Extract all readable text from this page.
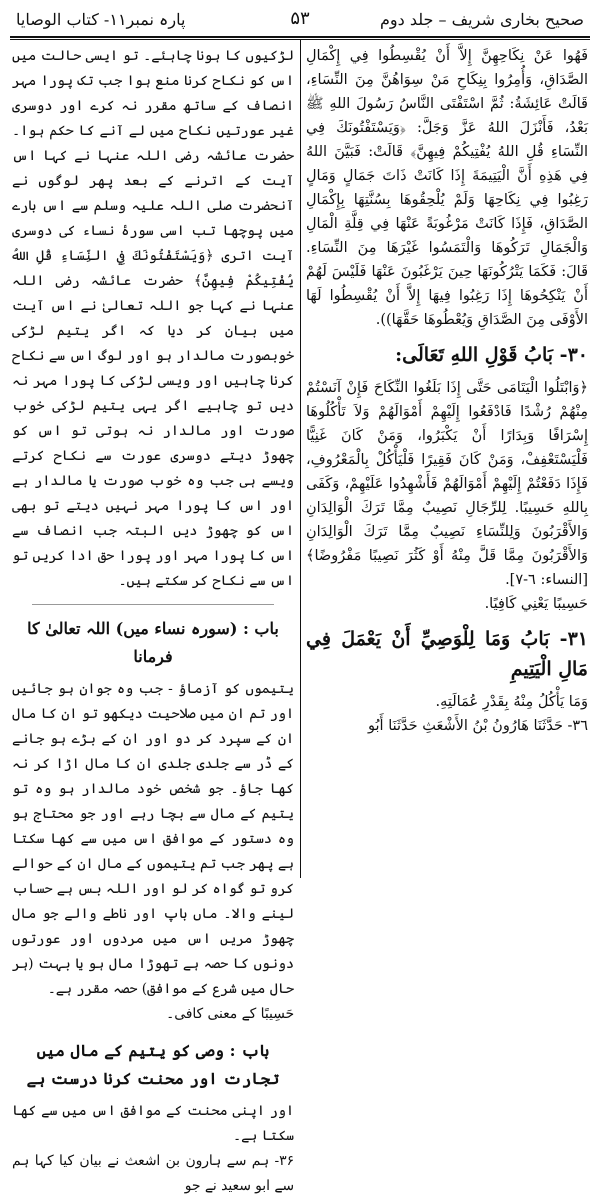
صحیح بخاری شریف – جلد دوم
۵۳
پارہ نمبر۱۱- کتاب الوصایا

فَهُوا عَنْ نِكَاحِهِنَّ إِلاَّ أَنْ يُقْسِطُوا فِي إِكْمَالِ الصَّدَاقِ، وَأُمِرُوا بِنِكَاحِ مَنْ سِوَاهُنَّ مِنَ النِّسَاءِ، قَالَتْ عَائِشَةُ: ثُمَّ اسْتَفْتَى النَّاسُ رَسُولَ اللهِ ﷺ بَعْدُ، فَأَنْزَلَ اللهُ عَزَّ وَجَلَّ: ﴿وَيَسْتَفْتُونَكَ فِي النِّسَاءِ قُلِ اللهُ يُفْتِيكُمْ فِيهِنَّ﴾ قَالَتْ: فَبَيَّنَ اللهُ فِي هَذِهِ أَنَّ الْيَتِيمَةَ إِذَا كَانَتْ ذَاتَ جَمَالٍ وَمَالٍ رَغِبُوا فِي نِكَاحِهَا وَلَمْ يُلْحِقُوهَا بِسُنَّتِهَا بِإِكْمَالِ الصَّدَاقِ، فَإِذَا كَانَتْ مَرْغُوبَةً عَنْهَا فِي قِلَّةِ الْمَالِ وَالْجَمَالِ تَرَكُوهَا وَالْتَمَسُوا غَيْرَهَا مِنَ النِّسَاءِ. قَالَ: فَكَمَا يَتْرُكُونَهَا حِينَ يَرْغَبُونَ عَنْهَا فَلَيْسَ لَهُمْ أَنْ يَنْكِحُوهَا إِذَا رَغِبُوا فِيهَا إِلاَّ أَنْ يُقْسِطُوا لَهَا الأَوْفَى مِنَ الصَّدَاقِ وَيُعْطُوهَا حَقَّهَا)).

٣٠- بَابُ قَوْلِ اللهِ تَعَالَى:

﴿وَابْتَلُوا الْيَتَامَى حَتَّى إِذَا بَلَغُوا النِّكَاحَ فَإِنْ آنَسْتُمْ مِنْهُمْ رُشْدًا فَادْفَعُوا إِلَيْهِمْ أَمْوَالَهُمْ وَلاَ تَأْكُلُوهَا إِسْرَافًا وَبِدَارًا أَنْ يَكْبَرُوا، وَمَنْ كَانَ غَنِيًّا فَلْيَسْتَعْفِفْ، وَمَنْ كَانَ فَقِيرًا فَلْيَأْكُلْ بِالْمَعْرُوفِ، فَإِذَا دَفَعْتُمْ إِلَيْهِمْ أَمْوَالَهُمْ فَأَشْهِدُوا عَلَيْهِمْ، وَكَفَى بِاللهِ حَسِيبًا. لِلرِّجَالِ نَصِيبٌ مِمَّا تَرَكَ الْوَالِدَانِ وَالأَقْرَبُونَ وَلِلنِّسَاءِ نَصِيبٌ مِمَّا تَرَكَ الْوَالِدَانِ وَالأَقْرَبُونَ مِمَّا قَلَّ مِنْهُ أَوْ كَثُرَ نَصِيبًا مَفْرُوضًا﴾ [النساء: ٦-٧].

حَسِيبًا يَعْنِي كَافِيًا.

٣١- بَابُ وَمَا لِلْوَصِيِّ أَنْ يَعْمَلَ فِي مَالِ الْيَتِيمِ

وَمَا يَأْكُلُ مِنْهُ بِقَدْرِ عُمَالَتِهِ.

٣٦- حَدَّثَنَا هَارُونُ بْنُ الأَشْعَثِ حَدَّثَنَا أَبُو

لڑکیوں کا ہونا چاہئے۔ تو ایسی حالت میں اس کو نکاح کرنا منع ہوا جب تک پورا مہر انصاف کے ساتھ مقرر نہ کرے اور دوسری غیر عورتیں نکاح میں لے آنے کا حکم ہوا۔ حضرت عائشہ رضی اللہ عنہا نے کہا اس آیت کے اترنے کے بعد پھر لوگوں نے آنحضرت صلی اللہ علیہ وسلم سے اس بارے میں پوچھا تب اسی سورۂ نساء کی دوسری آیت اتری ﴿وَيَسْتَفْتُونَكَ فِي النِّسَاءِ قُلِ اللهُ يُفْتِيكُمْ فِيهِنَّ﴾ حضرت عائشہ رضی اللہ عنہا نے کہا جو اللہ تعالیٰ نے اس آیت میں بیان کر دیا کہ اگر یتیم لڑکی خوبصورت مالدار ہو اور لوگ اس سے نکاح کرنا چاہیں اور ویسی لڑکی کا پورا مہر نہ دیں تو چاہیے اگر یہی یتیم لڑکی خوب صورت اور مالدار نہ ہوتی تو اس کو چھوڑ دیتے دوسری عورت سے نکاح کرتے ویسے ہی جب وہ خوب صورت یا مالدار ہے اور اس کا پورا مہر نہیں دیتے تو بھی اس کو چھوڑ دیں البتہ جب انصاف سے اس کا پورا مہر اور پورا حق ادا کریں تو اس سے نکاح کر سکتے ہیں۔

باب : (سورہ نساء میں) اللہ تعالیٰ کا فرمانا

یتیموں کو آزماؤ - جب وہ جوان ہو جائیں اور تم ان میں صلاحیت دیکھو تو ان کا مال ان کے سپرد کر دو اور ان کے بڑے ہو جانے کے ڈر سے جلدی جلدی ان کا مال اڑا کر نہ کھا جاؤ۔ جو شخص خود مالدار ہو وہ تو یتیم کے مال سے بچا رہے اور جو محتاج ہو وہ دستور کے موافق اس میں سے کھا سکتا ہے پھر جب تم یتیموں کے مال ان کے حوالے کرو تو گواہ کر لو اور اللہ بس ہے حساب لینے والا۔ ماں باپ اور ناطے والے جو مال چھوڑ مریں اس میں مردوں اور عورتوں دونوں کا حصہ ہے تھوڑا مال ہو یا بہت (ہر حال میں شرع کے موافق) حصہ مقرر ہے۔

حَسِيبًا کے معنی کافی۔

باب : وصی کو یتیم کے مال میں تجارت اور محنت کرنا درست ہے

اور اپنی محنت کے موافق اس میں سے کھا سکتا ہے۔

۳۶- ہم سے ہارون بن اشعث نے بیان کیا کہا ہم سے ابو سعید نے جو
